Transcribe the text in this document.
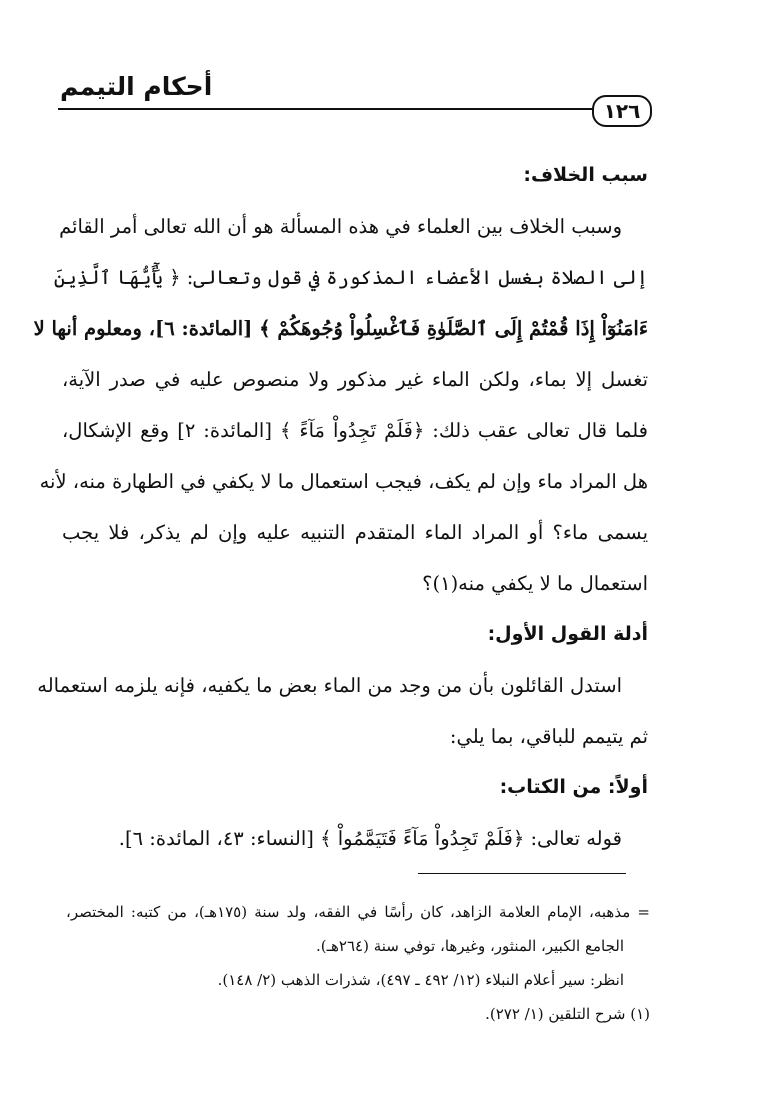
أحكام التيمم
١٢٦
سبب الخلاف:
وسبب الخلاف بين العلماء في هذه المسألة هو أن الله تعالى أمر القائم
إلى الصلاة بغسل الأعضاء المذكورة في قول وتعالى: ﴿ يَٰٓأَيُّهَا ٱلَّذِينَ
ءَامَنُوٓاْ إِذَا قُمْتُمْ إِلَى ٱلصَّلَوٰةِ فَٱغْسِلُواْ وُجُوهَكُمْ ﴾ [المائدة: ٦]، ومعلوم أنها لا
تغسل إلا بماء، ولكن الماء غير مذكور ولا منصوص عليه في صدر الآية،
فلما قال تعالى عقب ذلك: ﴿فَلَمْ تَجِدُواْ مَآءً ﴾ [المائدة: ٢] وقع الإشكال،
هل المراد ماء وإن لم يكف، فيجب استعمال ما لا يكفي في الطهارة منه، لأنه
يسمى ماء؟ أو المراد الماء المتقدم التنبيه عليه وإن لم يذكر، فلا يجب
استعمال ما لا يكفي منه(١)؟
أدلة القول الأول:
استدل القائلون بأن من وجد من الماء بعض ما يكفيه، فإنه يلزمه استعماله
ثم يتيمم للباقي، بما يلي:
أولاً: من الكتاب:
قوله تعالى: ﴿فَلَمْ تَجِدُواْ مَآءً فَتَيَمَّمُواْ ﴾ [النساء: ٤٣، المائدة: ٦].
= مذهبه، الإمام العلامة الزاهد، كان رأسًا في الفقه، ولد سنة (١٧٥هـ)، من كتبه: المختصر،
الجامع الكبير، المنثور، وغيرها، توفي سنة (٢٦٤هـ).
انظر: سير أعلام النبلاء (١٢/ ٤٩٢ ـ ٤٩٧)، شذرات الذهب (٢/ ١٤٨).
(١) شرح التلقين (١/ ٢٧٢).
